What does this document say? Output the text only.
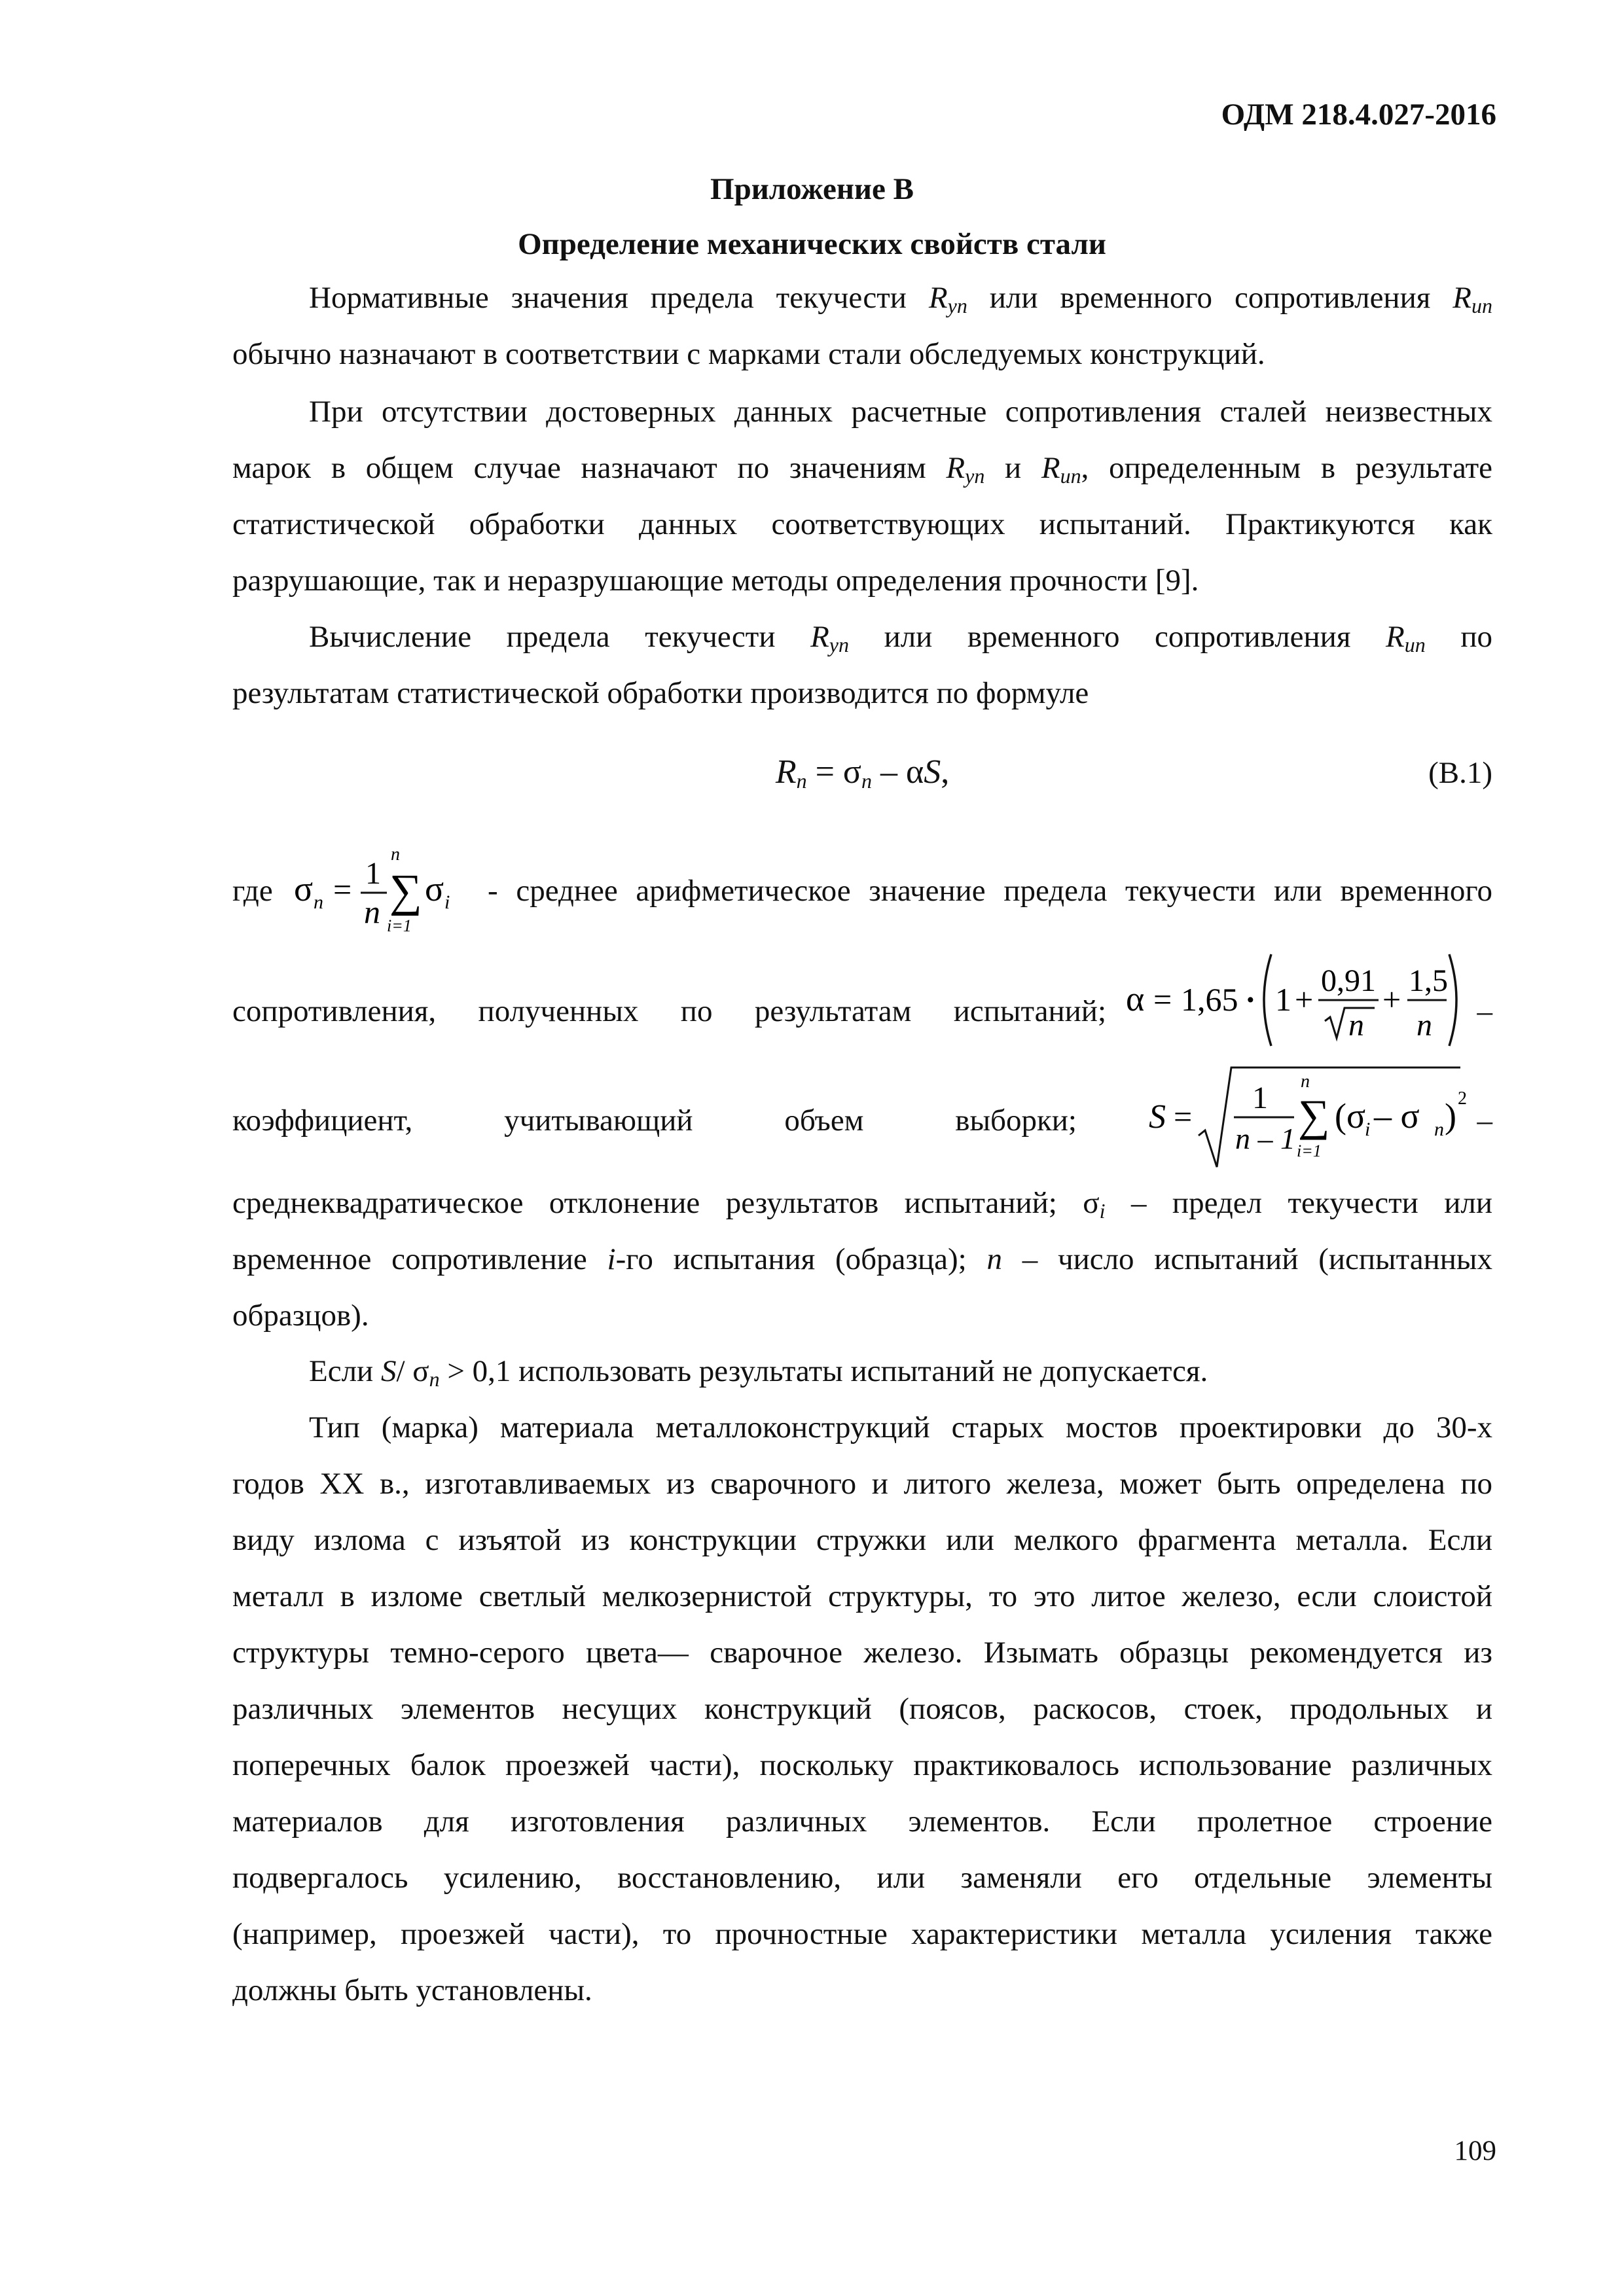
ОДМ 218.4.027-2016
Приложение В
Определение механических свойств стали
Нормативные значения предела текучести $R_{yn}$ или временного сопротивления $R_{un}$
обычно назначают в соответствии с марками стали обследуемых конструкций.
При отсутствии достоверных данных расчетные сопротивления сталей неизвестных
марок в общем случае назначают по значениям $R_{yn}$ и $R_{un}$, определенным в результате
статистической обработки данных соответствующих испытаний. Практикуются как
разрушающие, так и неразрушающие методы определения прочности [9].
Вычисление предела текучести $R_{yn}$ или временного сопротивления $R_{un}$ по
результатам статистической обработки производится по формуле
$R_n = \sigma_n - \alpha S$,	(В.1)
где σ n = 1
n
n
∑
i=1
σ i - среднее арифметическое значение предела текучести или временного
сопротивления, полученных по результатам испытаний; α = 1,65 · 1 +
0,91
n
+
1,5
n –
коэффициент, учитывающий объем выборки; S =
1
n – 1
n
∑
i=1
(σ
i – σ n ) 2
–
среднеквадратическое отклонение результатов испытаний; $\sigma_i$ – предел текучести или
временное сопротивление i-го испытания (образца); n – число испытаний (испытанных
образцов).
Если S/ $\sigma_n > 0,1$ использовать результаты испытаний не допускается.
Тип (марка) материала металлоконструкций старых мостов проектировки до 30-х
годов XX в., изготавливаемых из сварочного и литого железа, может быть определена по
виду излома с изъятой из конструкции стружки или мелкого фрагмента металла. Если
металл в изломе светлый мелкозернистой структуры, то это литое железо, если слоистой
структуры темно-серого цвета— сварочное железо. Изымать образцы рекомендуется из
различных элементов несущих конструкций (поясов, раскосов, стоек, продольных и
поперечных балок проезжей части), поскольку практиковалось использование различных
материалов для изготовления различных элементов. Если пролетное строение
подвергалось усилению, восстановлению, или заменяли его отдельные элементы
(например, проезжей части), то прочностные характеристики металла усиления также
должны быть установлены.
109
